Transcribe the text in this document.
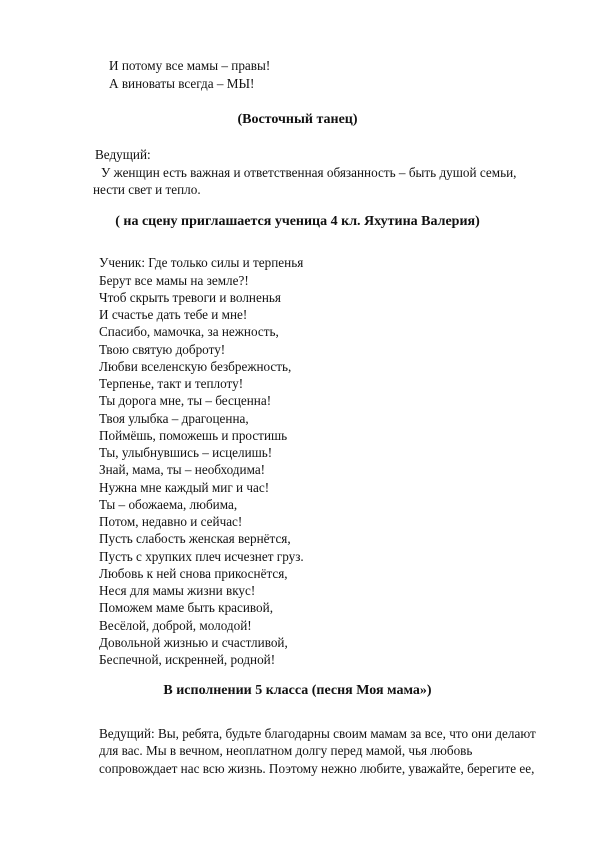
И потому все мамы – правы!
А виноваты всегда – МЫ!
(Восточный танец)
Ведущий:
У женщин есть важная и ответственная обязанность – быть душой семьи,
нести свет и тепло.
( на сцену приглашается ученица 4 кл. Яхутина Валерия)
Ученик: Где только силы и терпенья
Берут все мамы на земле?!
Чтоб скрыть тревоги и волненья
И счастье дать тебе и мне!
Спасибо, мамочка, за нежность,
Твою святую доброту!
Любви вселенскую безбрежность,
Терпенье, такт и теплоту!
Ты дорога мне, ты – бесценна!
Твоя улыбка – драгоценна,
Поймёшь, поможешь и простишь
Ты, улыбнувшись – исцелишь!
Знай, мама, ты – необходима!
Нужна мне каждый миг и час!
Ты – обожаема, любима,
Потом, недавно и сейчас!
Пусть слабость женская вернётся,
Пусть с хрупких плеч исчезнет груз.
Любовь к ней снова прикоснётся,
Неся для мамы жизни вкус!
Поможем маме быть красивой,
Весёлой, доброй, молодой!
Довольной жизнью и счастливой,
Беспечной, искренней, родной!
В исполнении 5 класса (песня Моя мама»)
Ведущий: Вы, ребята, будьте благодарны своим мамам за все, что они делают
для вас. Мы в вечном, неоплатном долгу перед мамой, чья любовь
сопровождает нас всю жизнь. Поэтому нежно любите, уважайте, берегите ее,
